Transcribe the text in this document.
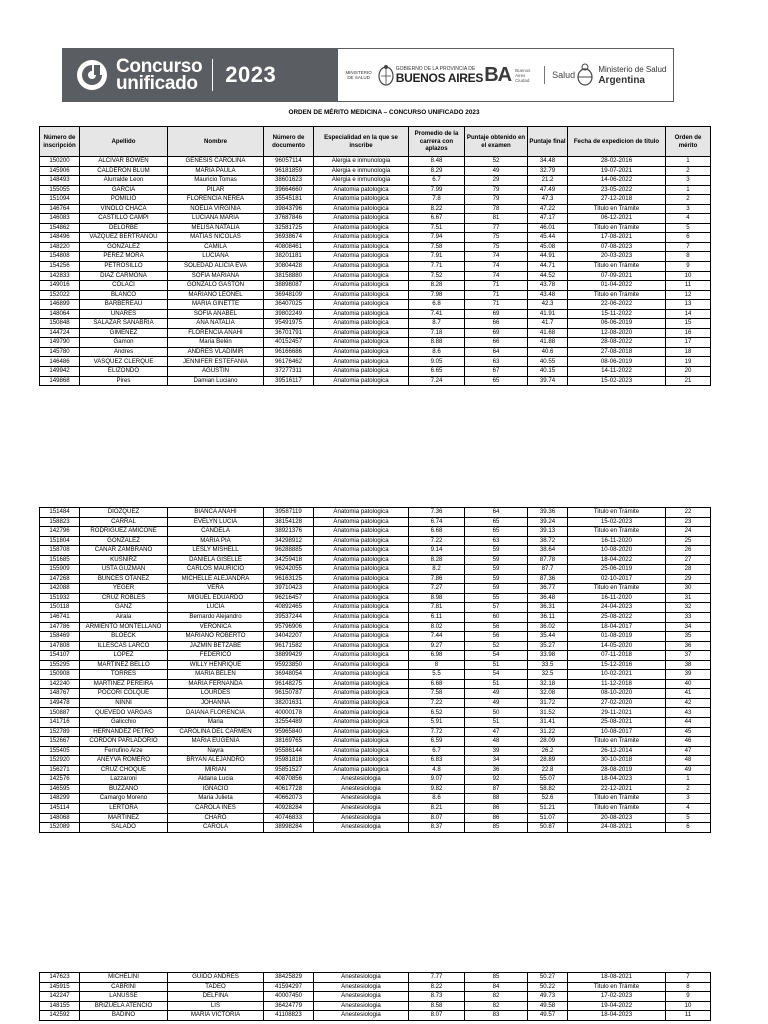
Concurso
unificado 2023	MINISTERIO DE SALUD
GOBIERNO DE LA PROVINCIA DE
BUENOS AIRES BA Buenos Aires Ciudad	Salud
Ministerio de Salud
Argentina
ORDEN DE MÉRITO MEDICINA – CONCURSO UNIFICADO 2023
Número de inscripción	Apellido	Nombre	Número de documento	Especialidad en la que se inscribe	Promedio de la carrera con aplazos	Puntaje obtenido en el examen	Puntaje final	Fecha de expedicion de titulo	Orden de mérito
150200	ALCIVAR BOWEN	GENESIS CAROLINA	96057114	Alergia e inmunologia	8.48	52	34.48	28-02-2016	1
145906	CALDERON BLUM	MARIA PAULA	96181859	Alergia e inmunologia	8.29	49	32.79	19-07-2021	2
148493	Alurralde Leon	Mauricio Tomas	38601623	Alergia e inmunologia	6.7	29	21.2	14-06-2022	3
155055	GARCIA	PILAR	39664660	Anatomia patologica	7.99	79	47.49	23-05-2022	1
151094	POMILIO	FLORENCIA NEREA	35545181	Anatomia patologica	7.8	79	47.3	27-12-2018	2
146764	VIÑOLO CHACA	NOELIA VIRGINIA	39843796	Anatomia patologica	8.22	78	47.22	Titulo en Trámite	3
146083	CASTILLO CAMPI	LUCIANA MARIA	37687846	Anatomia patologica	6.67	81	47.17	06-12-2021	4
154862	DELORBE	MELISA NATALIA	32581725	Anatomia patologica	7.51	77	46.01	Titulo en Trámite	5
148496	VAZQUEZ BERTRANOU	MATIAS NICOLAS	36938674	Anatomia patologica	7.94	75	45.44	17-08-2021	6
148220	GONZALEZ	CAMILA	40808461	Anatomia patologica	7.58	75	45.08	07-08-2023	7
154808	PEREZ MORA	LUCIANA	38201181	Anatomia patologica	7.91	74	44.91	20-03-2023	8
154256	PETROSILLO	SOLEDAD ALICIA EVA	30804428	Anatomia patologica	7.71	74	44.71	Titulo en Trámite	9
142833	DIAZ CARMONA	SOFIA MARIANA	38158880	Anatomia patologica	7.52	74	44.52	07-09-2021	10
149016	COLACI	GONZALO GASTON	38898087	Anatomia patologica	8.28	71	43.78	01-04-2022	11
152022	BLANCO	MARIANO LEONEL	36948109	Anatomia patologica	7.98	71	43.48	Titulo en Trámite	12
146899	BARBEREAU	MARIA GINETTE	36407025	Anatomia patologica	6.8	71	42.3	22-06-2022	13
148064	UÑARES	SOFIA ANABEL	39802249	Anatomia patologica	7.41	69	41.91	15-11-2022	14
150848	SALAZAR SANABRIA	ANA NATALIA	95491975	Anatomia patologica	8.7	66	41.7	06-06-2019	15
144724	GIMENEZ	FLORENCIA ANAHI	36701791	Anatomia patologica	7.18	69	41.68	12-08-2020	16
149790	Gamon	Maria Belén	40152457	Anatomia patologica	8.88	66	41.88	28-08-2022	17
145780	Andres	ANDRES VLADIMIR	96166686	Anatomia patologica	8.6	64	40.6	27-08-2018	18
146486	VASQUEZ CLERQUE	JENNIFER ESTEFANIA	96176462	Anatomia patologica	9.05	63	40.55	08-06-2019	19
149942	ELIZONDO	AGUSTIN	37277311	Anatomia patologica	6.65	67	40.15	14-11-2022	20
149868	Pires	Damian Luciano	39516117	Anatomia patologica	7.24	65	39.74	15-02-2023	21
151484	DIOZQUEZ	BIANCA ANAHI	39587119	Anatomia patologica	7.36	64	39.36	Titulo en Trámite	22
158823	CARRAL	EVELYN LUCIA	38154128	Anatomia patologica	6.74	65	39.24	15-02-2023	23
142796	RODRIGUEZ AMICONE	CANDELA	38921376	Anatomia patologica	6.68	65	39.13	Titulo en Trámite	24
151804	GONZALEZ	MARIA PIA	34298912	Anatomia patologica	7.22	63	38.72	16-11-2020	25
158708	CAÑAR ZAMBRANO	LESLY MISHELL	96288885	Anatomia patologica	9.14	59	38.64	10-08-2020	26
151685	KUSNIRZ	DANIELA GISELLE	34259418	Anatomia patologica	8.28	59	87.78	18-04-2022	27
155909	USTA GUZMAN	CARLOS MAURICIO	96242055	Anatomia patologica	8.2	59	87.7	25-06-2019	28
147268	BUNCES OTAÑEZ	MICHELLE ALEJANDRA	96163125	Anatomia patologica	7.86	59	87.36	02-10-2017	29
142088	YEGER	VERA	39710423	Anatomia patologica	7.27	59	36.77	Titulo en Trámite	30
151932	CRUZ ROBLES	MIGUEL EDUARDO	96216457	Anatomia patologica	8.98	55	36.48	16-11-2020	31
150118	GANZ	LUCIA	40892465	Anatomia patologica	7.81	57	36.31	24-04-2023	32
146741	Airala	Bernardo Alejandro	39537244	Anatomia patologica	6.11	60	36.11	25-08-2022	33
147786	ARMIENTO MONTELLANO	VERONICA	95796906	Anatomia patologica	8.02	56	36.02	18-04-2017	34
158469	BLOECK	MARIANO ROBERTO	34042207	Anatomia patologica	7.44	56	35.44	01-08-2019	35
147808	ILLESCAS LARCO	JAZMIN BETZABE	96171582	Anatomia patologica	9.27	52	35.27	14-05-2020	36
154107	LOPEZ	FEDERICO	38899429	Anatomia patologica	6.98	54	33.98	07-11-2018	37
155295	MARTINEZ BELLO	WILLY HENRIQUE	95923850	Anatomia patologica	8	51	33.5	15-12-2016	38
150908	TORRES	MARIA BELEN	36948054	Anatomia patologica	5.5	54	32.5	10-02-2021	39
142240	MARTINEZ PEREIRA	MARIA FERNANDA	96148275	Anatomia patologica	6.68	51	32.18	11-12-2018	40
148767	POCORI COLQUE	LOURDES	96150787	Anatomia patologica	7.58	49	32.08	08-10-2020	41
149478	NINNI	JOHANNA	38201631	Anatomia patologica	7.22	49	31.72	27-02-2020	42
150887	QUEVEDO VARGAS	DAIANA FLORENCIA	40000178	Anatomia patologica	6.52	50	31.52	29-11-2021	43
141716	Galicchio	Maria	32554489	Anatomia patologica	5.91	51	31.41	25-08-2021	44
152789	HERNANDEZ PETRO	CAROLINA DEL CARMEN	95965840	Anatomia patologica	7.72	47	31.22	10-08-2017	45
152667	CORDON PARLADORIO	MARIA EUGENIA	38169765	Anatomia patologica	6.59	48	28.09	Titulo en Trámite	46
155405	Ferrufino Arze	Nayra	95586144	Anatomia patologica	6.7	39	26.2	26-12-2014	47
152920	ANEYVA ROMERO	BRYAN ALEJANDRO	95981818	Anatomia patologica	6.83	34	28.89	30-10-2018	48
156271	CRUZ CHOQUE	MIRIAN	95851527	Anatomia patologica	4.8	36	22.8	28-08-2019	49
142576	Lazzaroni	Aldana Lucia	40870856	Anestesiologia	9.07	92	55.07	18-04-2023	1
146595	BUZZANO	IGNACIO	40617728	Anestesiologia	9.82	87	58.82	22-12-2021	2
148299	Camargo Moreno	Maria Julieta	40662073	Anestesiologia	8.6	88	52.6	Titulo en Trámite	3
145114	LERTORA	CAROLA INES	40928284	Anestesiologia	8.21	86	51.21	Titulo en Trámite	4
148068	MARTINEZ	CHARO	40746833	Anestesiologia	8.07	86	51.07	20-08-2023	5
152089	SALADO	CAROLA	38998284	Anestesiologia	8.37	85	50.87	24-08-2021	6
147623	MICHELINI	GUIDO ANDRES	38425829	Anestesiologia	7.77	85	50.27	18-08-2021	7
145915	CABRINI	TADEO	41594297	Anestesiologia	8.22	84	50.22	Titulo en Trámite	8
142247	LANUSSE	DELFINA	40007450	Anestesiologia	8.73	82	49.73	17-02-2023	9
148155	BRIZUELA ATENCIO	LIS	36424779	Anestesiologia	8.58	82	49.58	19-04-2022	10
142592	BADINO	MARIA VICTORIA	41108823	Anestesiologia	8.07	83	49.57	18-04-2023	11
